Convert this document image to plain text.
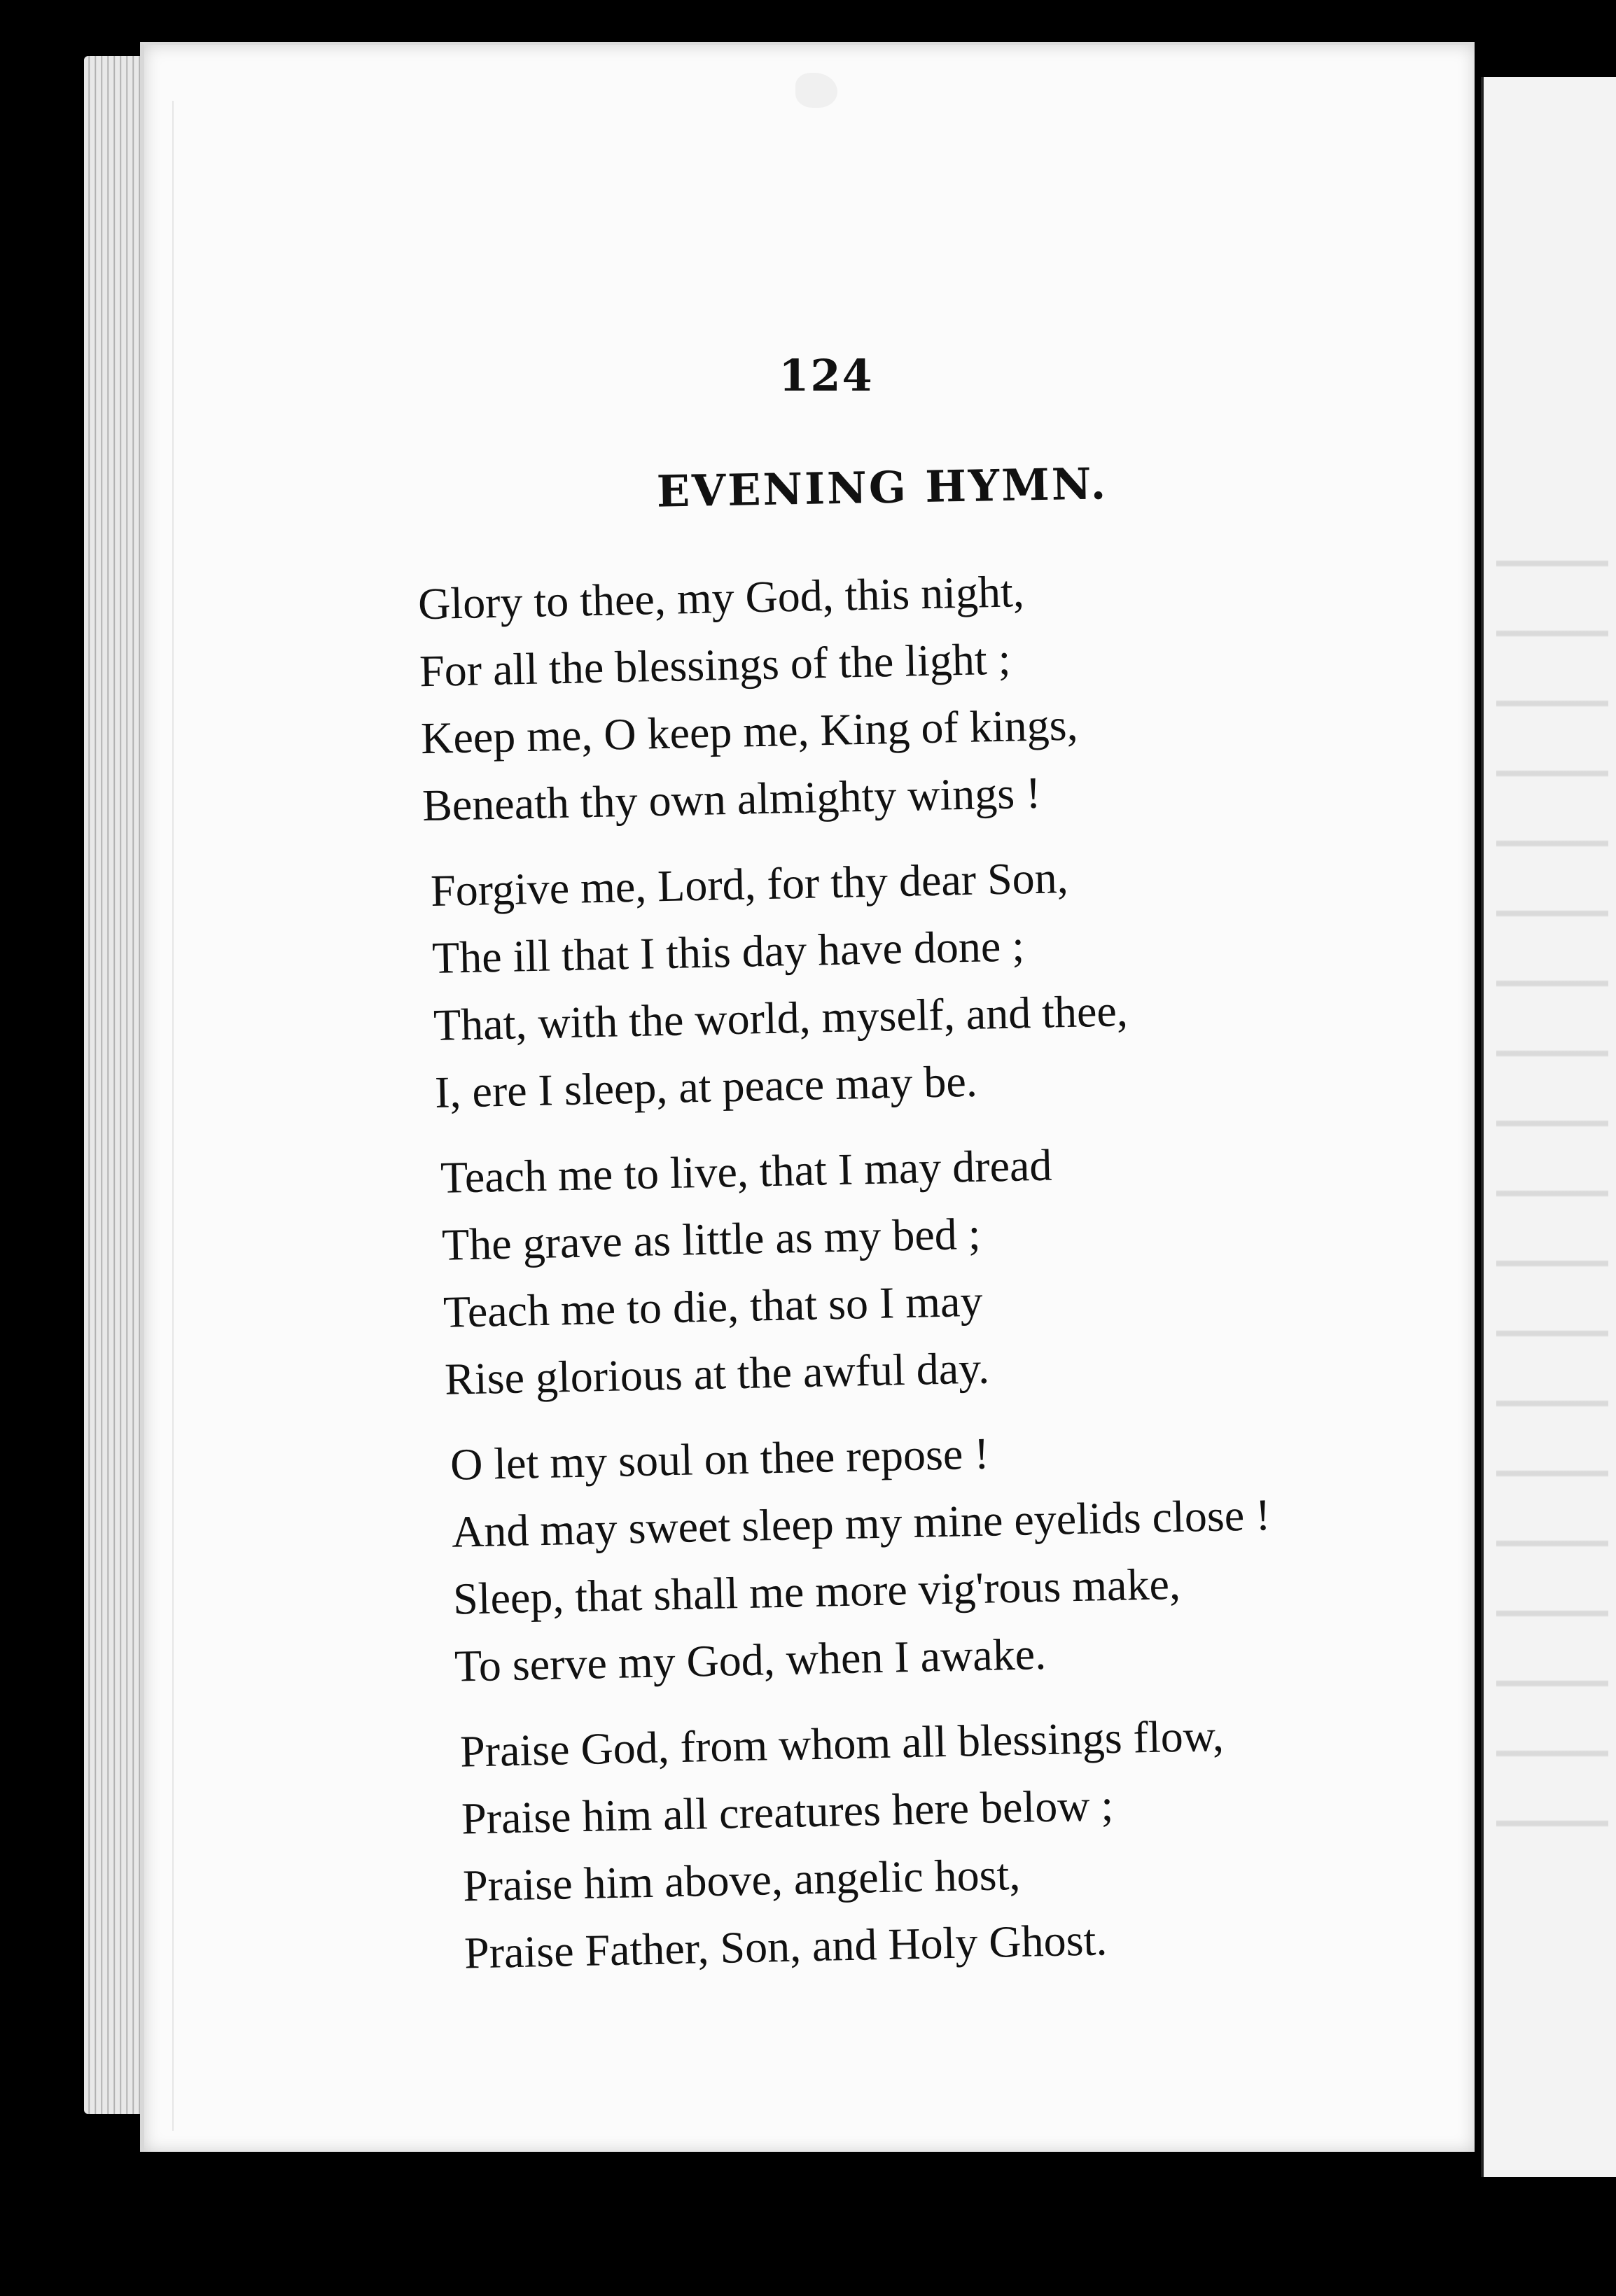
124
EVENING HYMN.
Glory to thee, my God, this night,
For all the blessings of the light ;
Keep me, O keep me, King of kings,
Beneath thy own almighty wings !
Forgive me, Lord, for thy dear Son,
The ill that I this day have done ;
That, with the world, myself, and thee,
I, ere I sleep, at peace may be.
Teach me to live, that I may dread
The grave as little as my bed ;
Teach me to die, that so I may
Rise glorious at the awful day.
O let my soul on thee repose !
And may sweet sleep my mine eyelids close !
Sleep, that shall me more vig'rous make,
To serve my God, when I awake.
Praise God, from whom all blessings flow,
Praise him all creatures here below ;
Praise him above, angelic host,
Praise Father, Son, and Holy Ghost.
